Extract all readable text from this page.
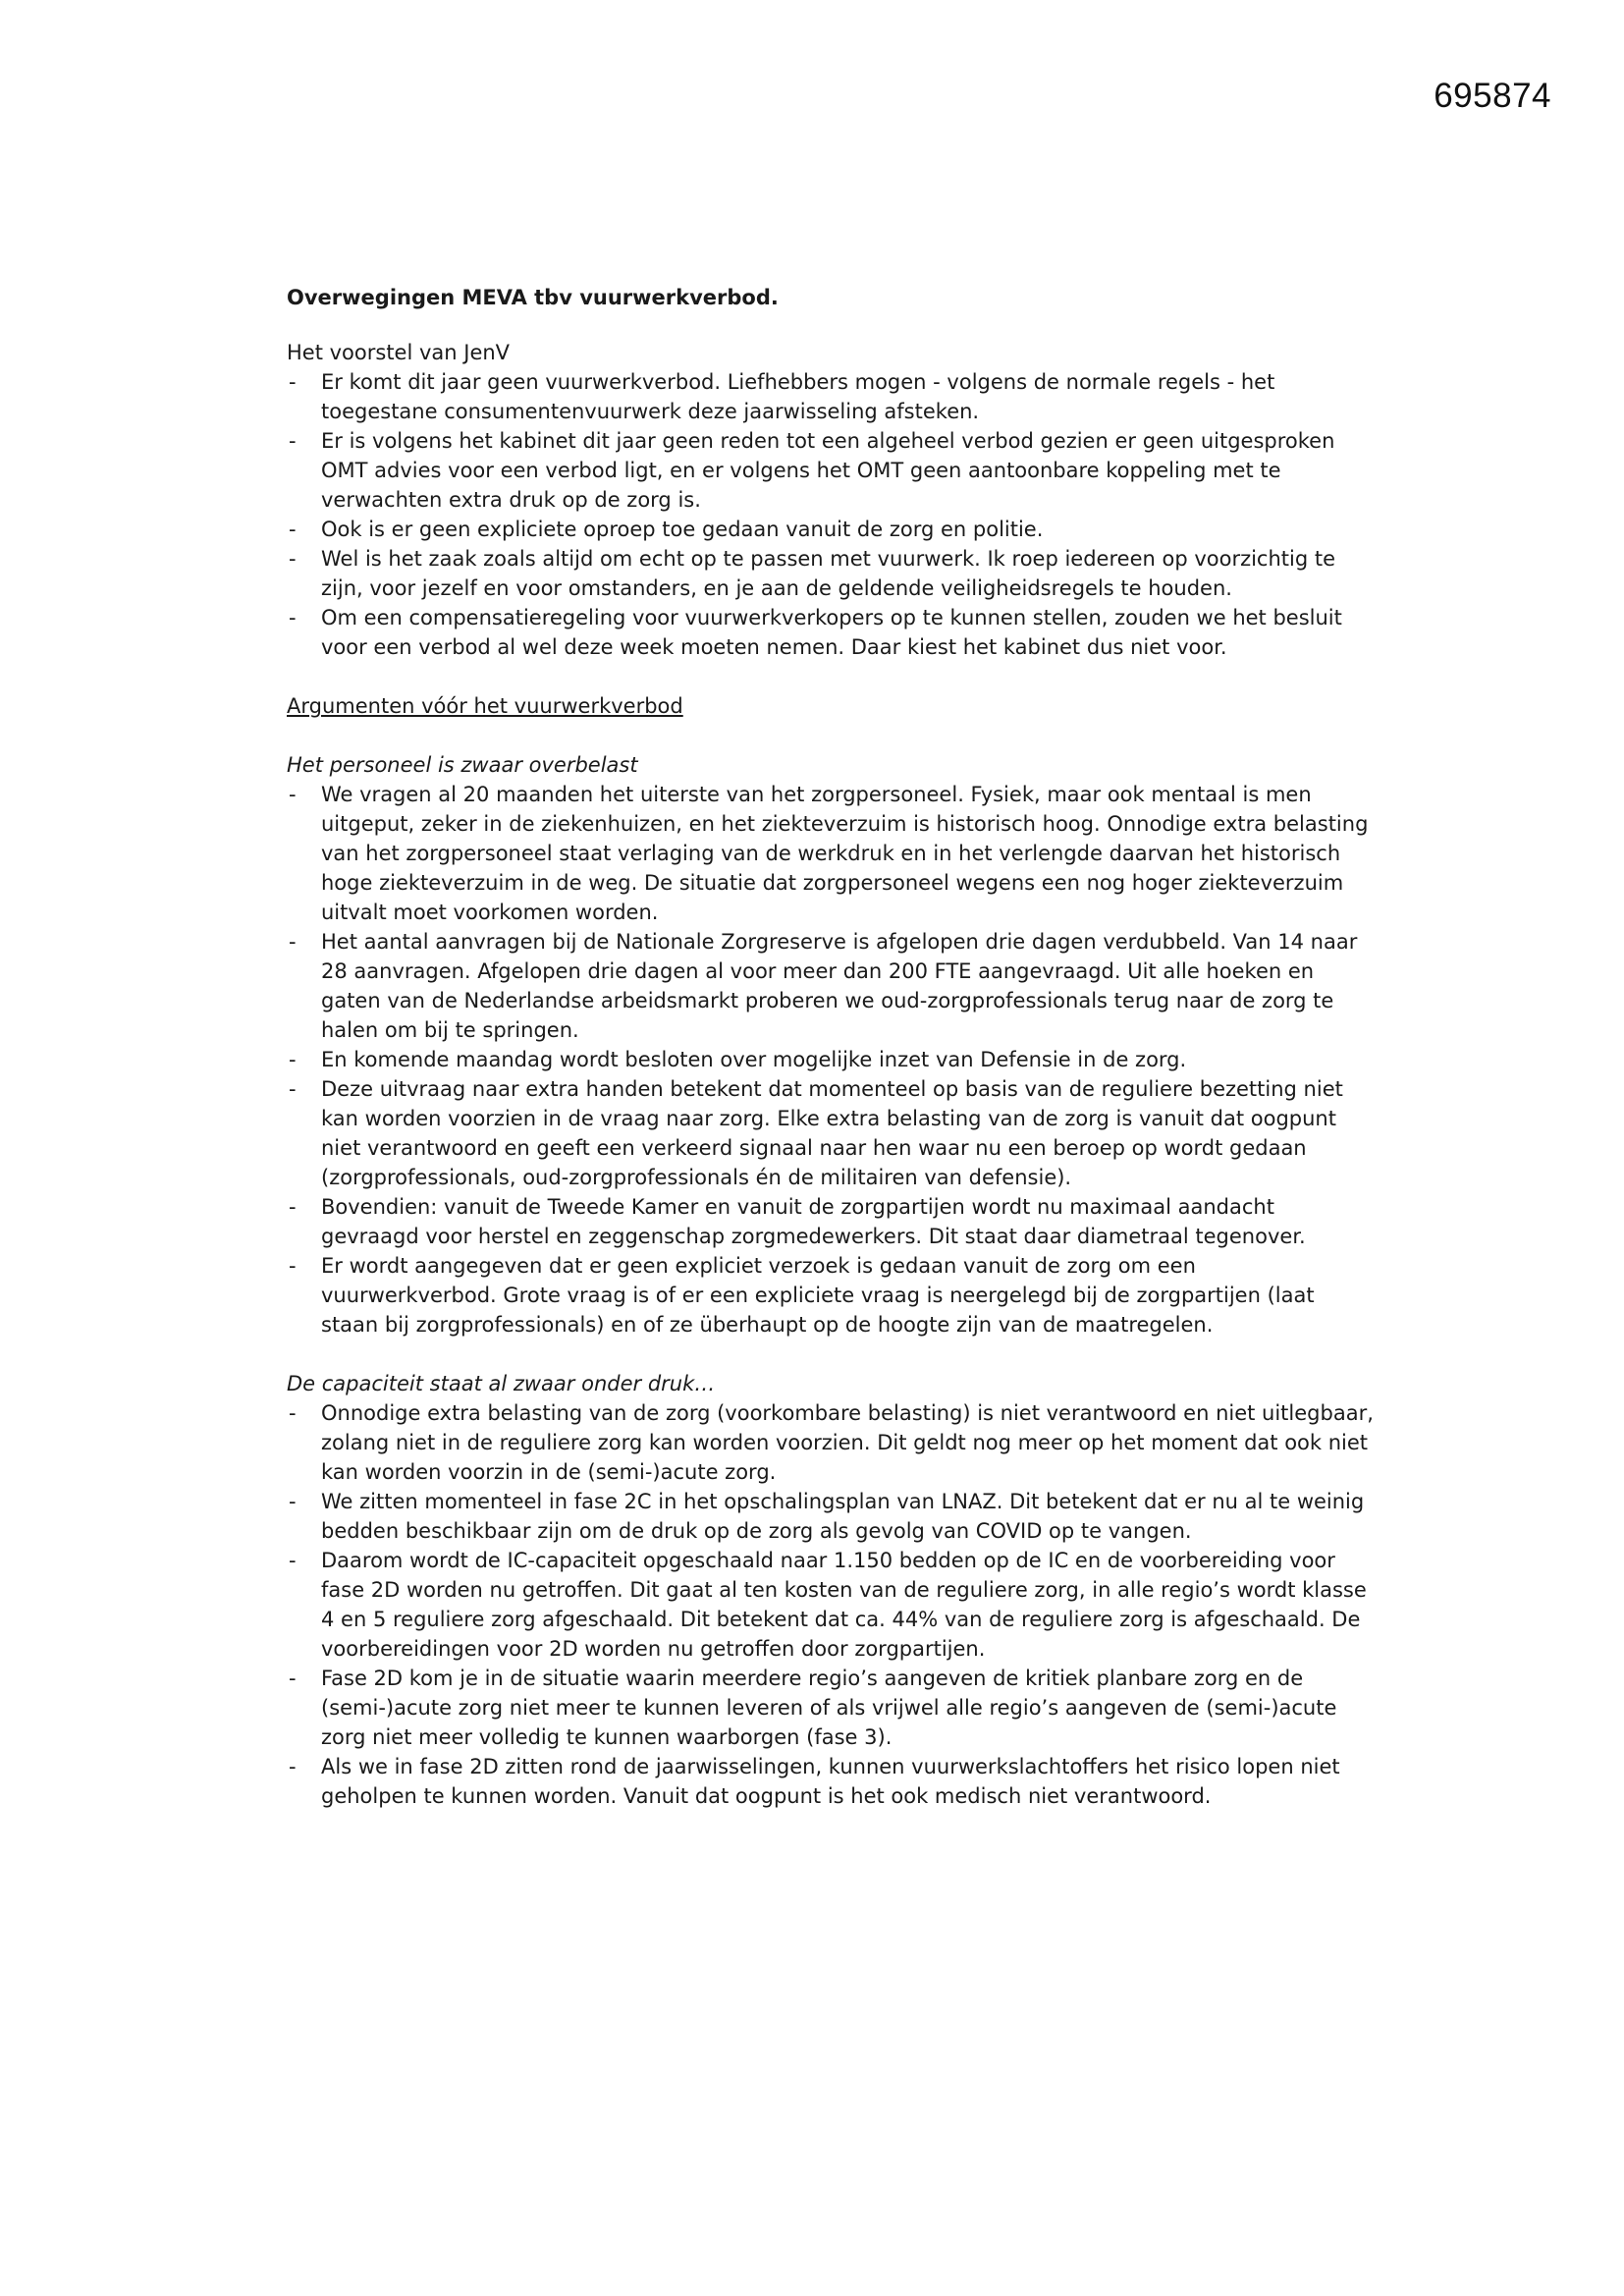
695874
Overwegingen MEVA tbv vuurwerkverbod.
Het voorstel van JenV
- Er komt dit jaar geen vuurwerkverbod. Liefhebbers mogen - volgens de normale regels - het toegestane consumentenvuurwerk deze jaarwisseling afsteken.
- Er is volgens het kabinet dit jaar geen reden tot een algeheel verbod gezien er geen uitgesproken OMT advies voor een verbod ligt, en er volgens het OMT geen aantoonbare koppeling met te verwachten extra druk op de zorg is.
- Ook is er geen expliciete oproep toe gedaan vanuit de zorg en politie.
- Wel is het zaak zoals altijd om echt op te passen met vuurwerk. Ik roep iedereen op voorzichtig te zijn, voor jezelf en voor omstanders, en je aan de geldende veiligheidsregels te houden.
- Om een compensatieregeling voor vuurwerkverkopers op te kunnen stellen, zouden we het besluit voor een verbod al wel deze week moeten nemen. Daar kiest het kabinet dus niet voor.
Argumenten vóór het vuurwerkverbod
Het personeel is zwaar overbelast
- We vragen al 20 maanden het uiterste van het zorgpersoneel. Fysiek, maar ook mentaal is men uitgeput, zeker in de ziekenhuizen, en het ziekteverzuim is historisch hoog. Onnodige extra belasting van het zorgpersoneel staat verlaging van de werkdruk en in het verlengde daarvan het historisch hoge ziekteverzuim in de weg. De situatie dat zorgpersoneel wegens een nog hoger ziekteverzuim uitvalt moet voorkomen worden.
- Het aantal aanvragen bij de Nationale Zorgreserve is afgelopen drie dagen verdubbeld. Van 14 naar 28 aanvragen. Afgelopen drie dagen al voor meer dan 200 FTE aangevraagd. Uit alle hoeken en gaten van de Nederlandse arbeidsmarkt proberen we oud-zorgprofessionals terug naar de zorg te halen om bij te springen.
- En komende maandag wordt besloten over mogelijke inzet van Defensie in de zorg.
- Deze uitvraag naar extra handen betekent dat momenteel op basis van de reguliere bezetting niet kan worden voorzien in de vraag naar zorg. Elke extra belasting van de zorg is vanuit dat oogpunt niet verantwoord en geeft een verkeerd signaal naar hen waar nu een beroep op wordt gedaan (zorgprofessionals, oud-zorgprofessionals én de militairen van defensie).
- Bovendien: vanuit de Tweede Kamer en vanuit de zorgpartijen wordt nu maximaal aandacht gevraagd voor herstel en zeggenschap zorgmedewerkers. Dit staat daar diametraal tegenover.
- Er wordt aangegeven dat er geen expliciet verzoek is gedaan vanuit de zorg om een vuurwerkverbod. Grote vraag is of er een expliciete vraag is neergelegd bij de zorgpartijen (laat staan bij zorgprofessionals) en of ze überhaupt op de hoogte zijn van de maatregelen.
De capaciteit staat al zwaar onder druk…
- Onnodige extra belasting van de zorg (voorkombare belasting) is niet verantwoord en niet uitlegbaar, zolang niet in de reguliere zorg kan worden voorzien. Dit geldt nog meer op het moment dat ook niet kan worden voorzin in de (semi-)acute zorg.
- We zitten momenteel in fase 2C in het opschalingsplan van LNAZ. Dit betekent dat er nu al te weinig bedden beschikbaar zijn om de druk op de zorg als gevolg van COVID op te vangen.
- Daarom wordt de IC-capaciteit opgeschaald naar 1.150 bedden op de IC en de voorbereiding voor fase 2D worden nu getroffen. Dit gaat al ten kosten van de reguliere zorg, in alle regio’s wordt klasse 4 en 5 reguliere zorg afgeschaald. Dit betekent dat ca. 44% van de reguliere zorg is afgeschaald. De voorbereidingen voor 2D worden nu getroffen door zorgpartijen.
- Fase 2D kom je in de situatie waarin meerdere regio’s aangeven de kritiek planbare zorg en de (semi-)acute zorg niet meer te kunnen leveren of als vrijwel alle regio’s aangeven de (semi-)acute zorg niet meer volledig te kunnen waarborgen (fase 3).
- Als we in fase 2D zitten rond de jaarwisselingen, kunnen vuurwerkslachtoffers het risico lopen niet geholpen te kunnen worden. Vanuit dat oogpunt is het ook medisch niet verantwoord.
